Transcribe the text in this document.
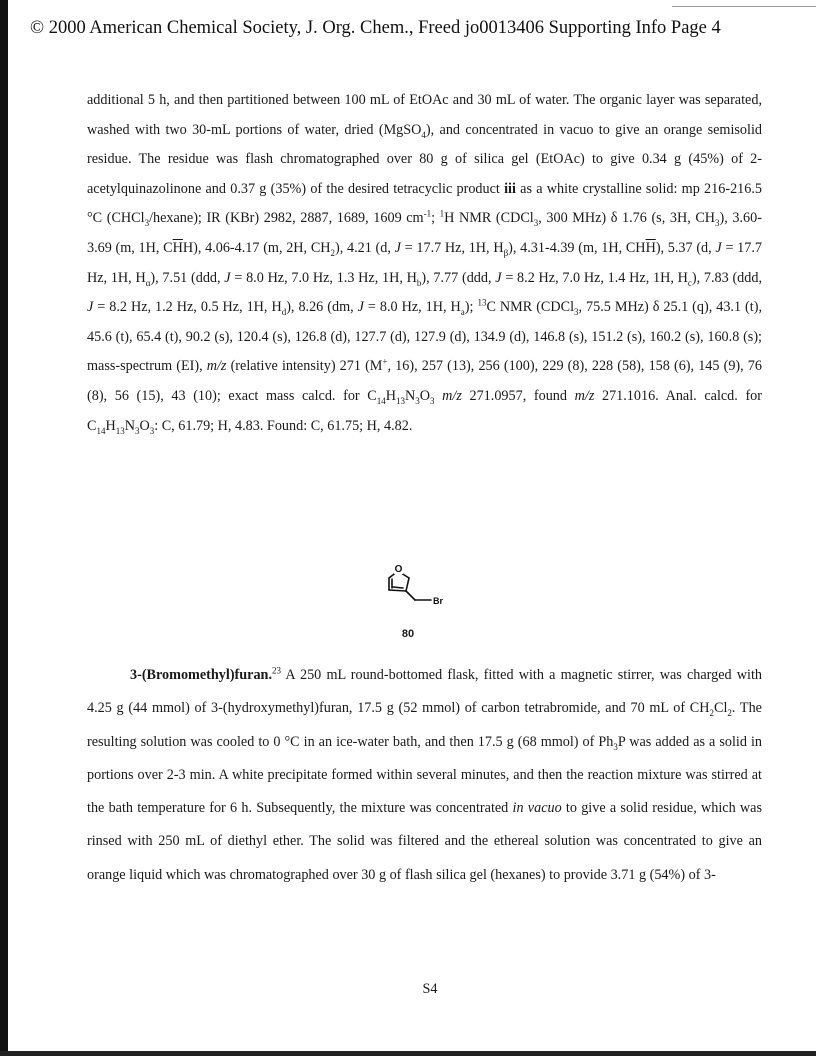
© 2000 American Chemical Society, J. Org. Chem., Freed jo0013406 Supporting Info Page 4
additional 5 h, and then partitioned between 100 mL of EtOAc and 30 mL of water. The organic layer was separated, washed with two 30-mL portions of water, dried (MgSO$_4$), and concentrated in vacuo to give an orange semisolid residue. The residue was flash chromatographed over 80 g of silica gel (EtOAc) to give 0.34 g (45%) of 2-acetylquinazolinone and 0.37 g (35%) of the desired tetracyclic product iii as a white crystalline solid: mp 216-216.5 °C (CHCl$_3$/hexane); IR (KBr) 2982, 2887, 1689, 1609 $cm^{-1}$; $^1$H NMR (CDCl$_3$, 300 MHz) δ 1.76 (s, 3H, $CH_3$), 3.60-3.69 (m, 1H, $C\overline{H}H$), 4.06-4.17 (m, 2H, $CH_2$), 4.21 (d, J = 17.7 Hz, 1H, $H_\beta$), 4.31-4.39 (m, 1H, $CH\overline{H}$), 5.37 (d, J = 17.7 Hz, 1H, $H_\alpha$), 7.51 (ddd, J = 8.0 Hz, 7.0 Hz, 1.3 Hz, 1H, $H_b$), 7.77 (ddd, J = 8.2 Hz, 7.0 Hz, 1.4 Hz, 1H, $H_c$), 7.83 (ddd, J = 8.2 Hz, 1.2 Hz, 0.5 Hz, 1H, $H_d$), 8.26 (dm, J = 8.0 Hz, 1H, $H_a$); $^{13}$C NMR (CDCl$_3$, 75.5 MHz) δ 25.1 (q), 43.1 (t), 45.6 (t), 65.4 (t), 90.2 (s), 120.4 (s), 126.8 (d), 127.7 (d), 127.9 (d), 134.9 (d), 146.8 (s), 151.2 (s), 160.2 (s), 160.8 (s); mass-spectrum (EI), m/z (relative intensity) 271 (M+, 16), 257 (13), 256 (100), 229 (8), 228 (58), 158 (6), 145 (9), 76 (8), 56 (15), 43 (10); exact mass calcd. for $C_{14}H_{13}N_3O_3$ m/z 271.0957, found m/z 271.1016. Anal. calcd. for $C_{14}H_{13}N_3O_3$: C, 61.79; H, 4.83. Found: C, 61.75; H, 4.82.
3-(Bromomethyl)furan.$^{23}$ A 250 mL round-bottomed flask, fitted with a magnetic stirrer, was charged with 4.25 g (44 mmol) of 3-(hydroxymethyl)furan, 17.5 g (52 mmol) of carbon tetrabromide, and 70 mL of $CH_2Cl_2$. The resulting solution was cooled to 0 °C in an ice-water bath, and then 17.5 g (68 mmol) of $Ph_3P$ was added as a solid in portions over 2-3 min. A white precipitate formed within several minutes, and then the reaction mixture was stirred at the bath temperature for 6 h. Subsequently, the mixture was concentrated in vacuo to give a solid residue, which was rinsed with 250 mL of diethyl ether. The solid was filtered and the ethereal solution was concentrated to give an orange liquid which was chromatographed over 30 g of flash silica gel (hexanes) to provide 3.71 g (54%) of 3-
O
Br
80
S4
